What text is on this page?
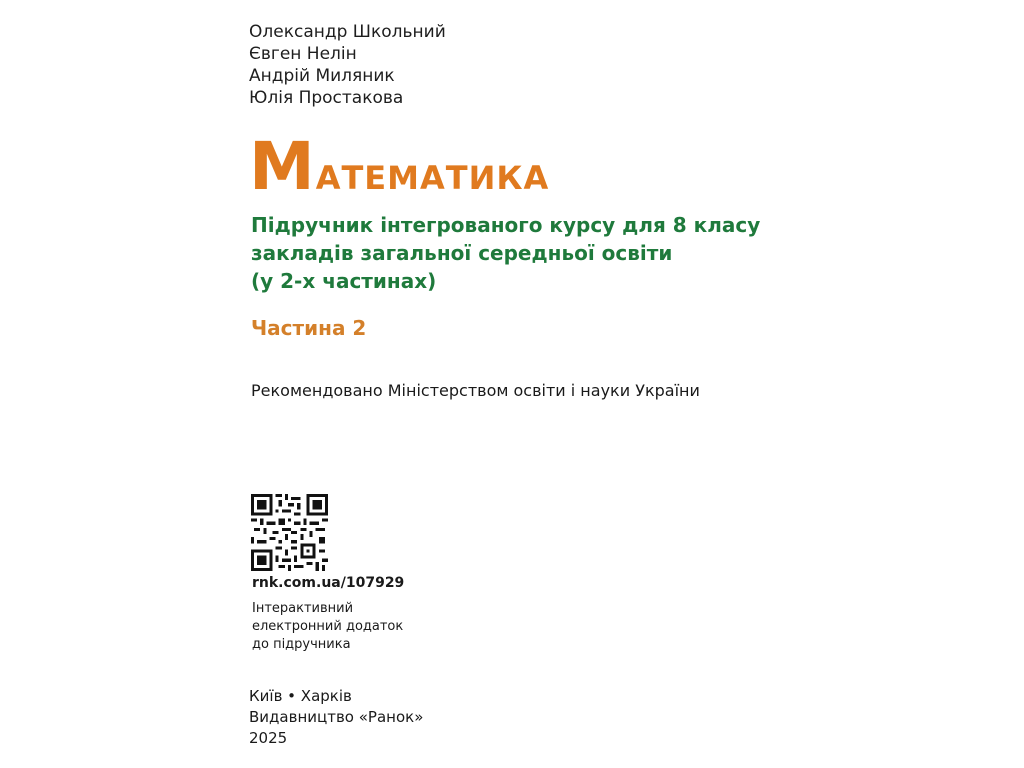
Олександр Школьний
Євген Нелін
Андрій Миляник
Юлія Простакова
Математика
Підручник інтегрованого курсу для 8 класу
закладів загальної середньої освіти
(у 2-х частинах)
Частина 2
Рекомендовано Міністерством освіти і науки України
rnk.com.ua/107929
Інтерактивний
електронний додаток
до підручника
Київ • Харків
Видавництво «Ранок»
2025
